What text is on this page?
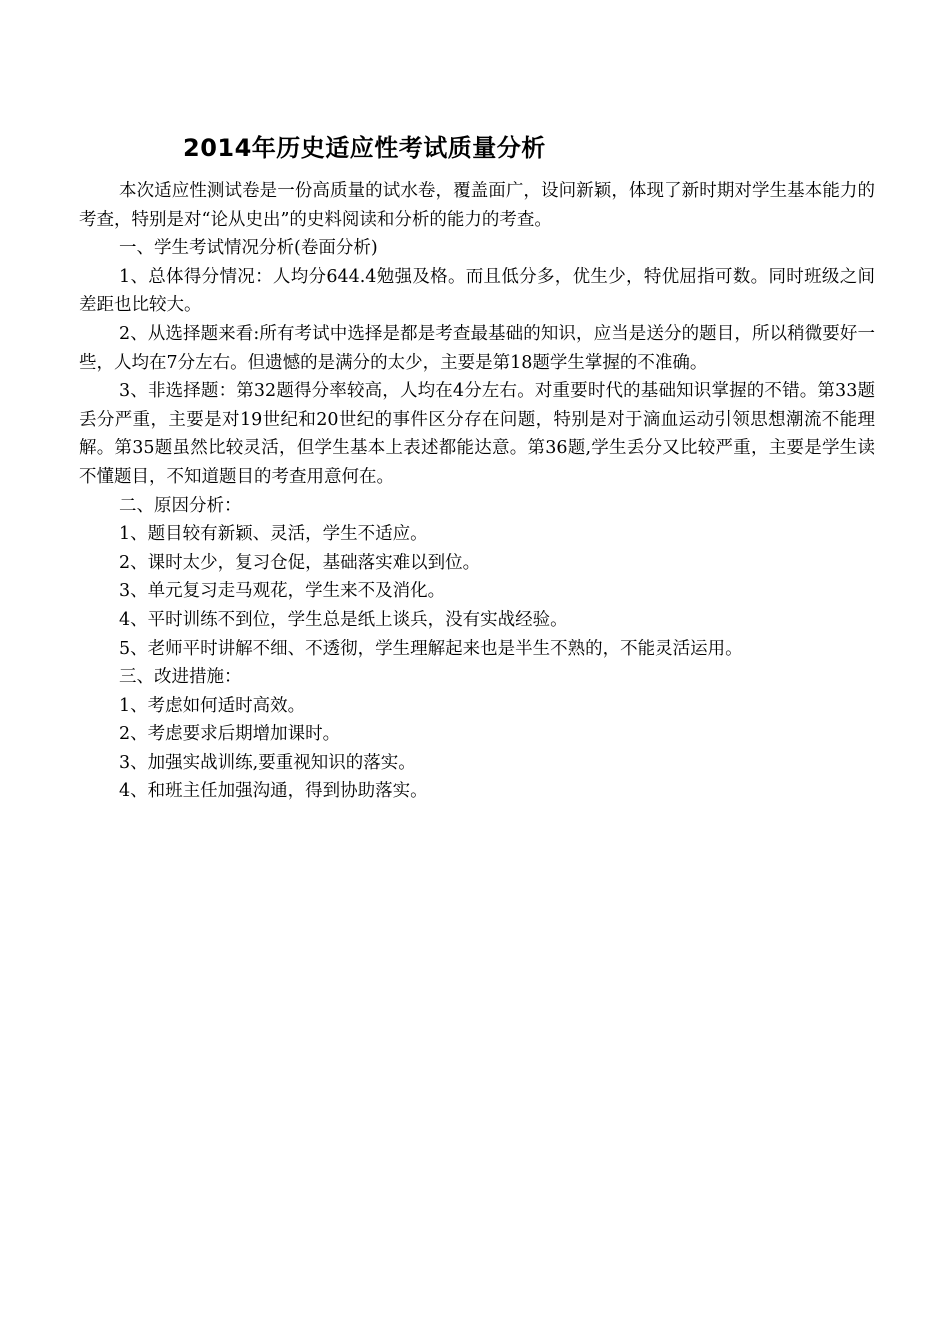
2014年历史适应性考试质量分析

本次适应性测试卷是一份高质量的试水卷，覆盖面广，设问新颖，体现了新时期对学生基本能力的考查，特别是对“论从史出”的史料阅读和分析的能力的考查。

一、学生考试情况分析(卷面分析)

1、总体得分情况：人均分644.4勉强及格。而且低分多，优生少，特优屈指可数。同时班级之间差距也比较大。

2、从选择题来看:所有考试中选择是都是考查最基础的知识，应当是送分的题目，所以稍微要好一些，人均在7分左右。但遗憾的是满分的太少，主要是第18题学生掌握的不准确。

3、非选择题：第32题得分率较高，人均在4分左右。对重要时代的基础知识掌握的不错。第33题丢分严重，主要是对19世纪和20世纪的事件区分存在问题，特别是对于滴血运动引领思想潮流不能理解。第35题虽然比较灵活，但学生基本上表述都能达意。第36题,学生丢分又比较严重，主要是学生读不懂题目，不知道题目的考查用意何在。

二、原因分析：

1、题目较有新颖、灵活，学生不适应。

2、课时太少，复习仓促，基础落实难以到位。

3、单元复习走马观花，学生来不及消化。

4、平时训练不到位，学生总是纸上谈兵，没有实战经验。

5、老师平时讲解不细、不透彻，学生理解起来也是半生不熟的，不能灵活运用。

三、改进措施：

1、考虑如何适时高效。

2、考虑要求后期增加课时。

3、加强实战训练,要重视知识的落实。

4、和班主任加强沟通，得到协助落实。
